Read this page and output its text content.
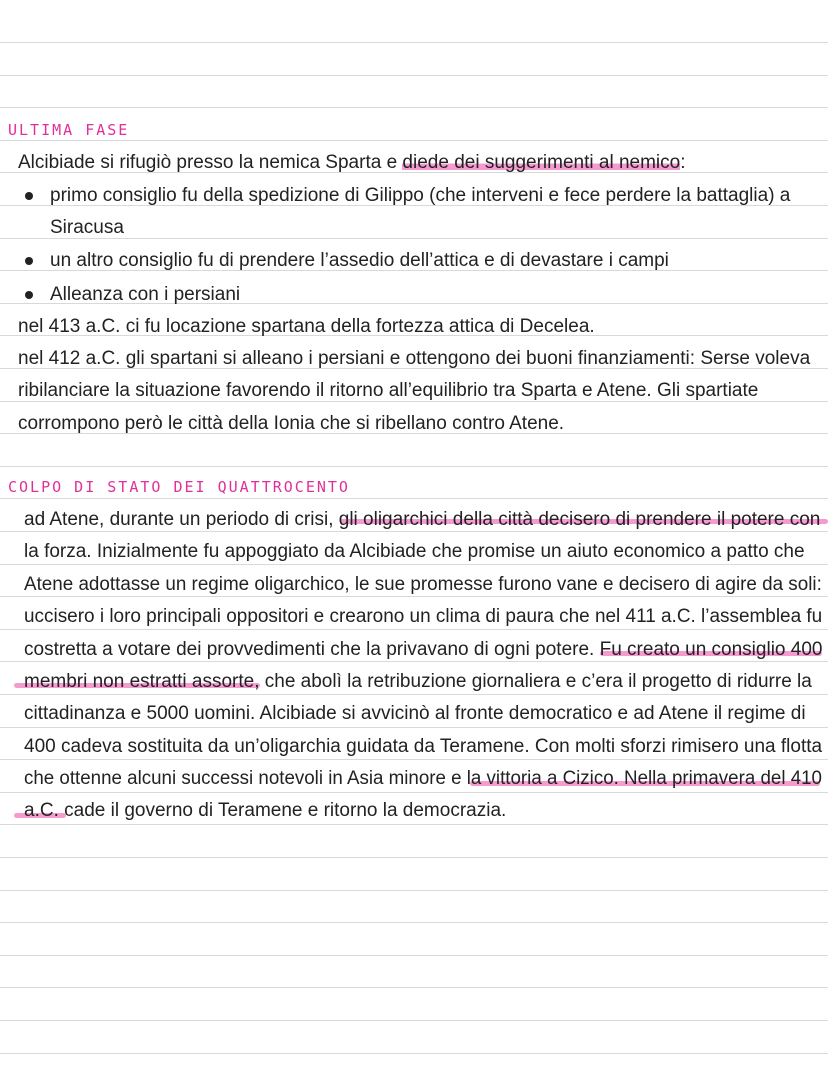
ULTIMA FASE
Alcibiade si rifugiò presso la nemica Sparta e diede dei suggerimenti al nemico:
primo consiglio fu della spedizione di Gilippo (che interveni e fece perdere la battaglia) a
Siracusa
un altro consiglio fu di prendere l’assedio dell’attica e di devastare i campi
Alleanza con i persiani
nel 413 a.C. ci fu locazione spartana della fortezza attica di Decelea.
nel 412 a.C. gli spartani si alleano i persiani e ottengono dei buoni finanziamenti: Serse voleva
ribilanciare la situazione favorendo il ritorno all’equilibrio tra Sparta e Atene. Gli spartiate
corrompono però le città della Ionia che si ribellano contro Atene.
COLPO DI STATO DEI QUATTROCENTO
ad Atene, durante un periodo di crisi, gli oligarchici della città decisero di prendere il potere con
la forza. Inizialmente fu appoggiato da Alcibiade che promise un aiuto economico a patto che
Atene adottasse un regime oligarchico, le sue promesse furono vane e decisero di agire da soli:
uccisero i loro principali oppositori e crearono un clima di paura che nel 411 a.C. l’assemblea fu
costretta a votare dei provvedimenti che la privavano di ogni potere. Fu creato un consiglio 400
membri non estratti assorte, che abolì la retribuzione giornaliera e c’era il progetto di ridurre la
cittadinanza e 5000 uomini. Alcibiade si avvicinò al fronte democratico e ad Atene il regime di
400 cadeva sostituita da un’oligarchia guidata da Teramene. Con molti sforzi rimisero una flotta
che ottenne alcuni successi notevoli in Asia minore e la vittoria a Cizico. Nella primavera del 410
a.C. cade il governo di Teramene e ritorno la democrazia.
